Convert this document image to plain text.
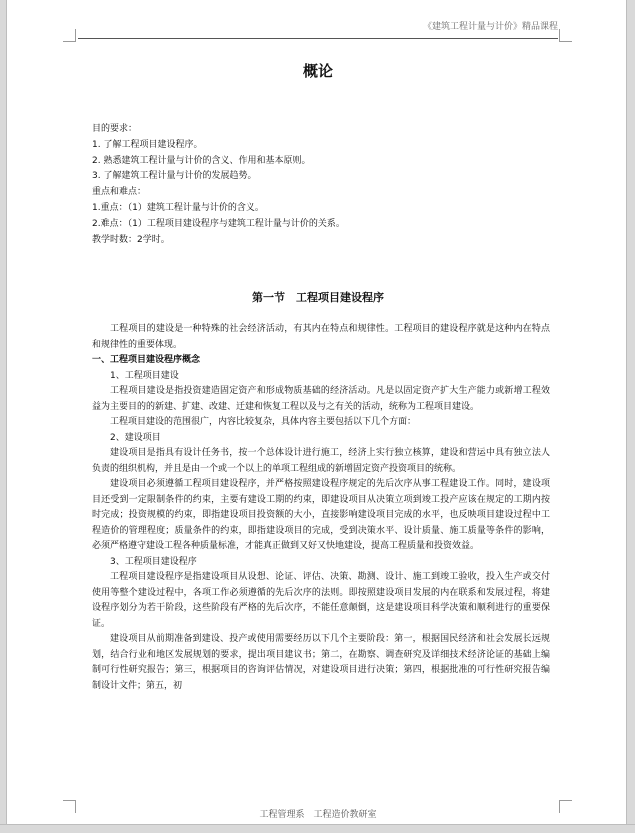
《建筑工程计量与计价》精品课程
概论

目的要求：

1. 了解工程项目建设程序。

2. 熟悉建筑工程计量与计价的含义、作用和基本原则。

3. 了解建筑工程计量与计价的发展趋势。

重点和难点：

1.重点：（1）建筑工程计量与计价的含义。

2.难点：（1）工程项目建设程序与建筑工程计量与计价的关系。

教学时数：2学时。

第一节　工程项目建设程序

工程项目的建设是一种特殊的社会经济活动，有其内在特点和规律性。工程项目的建设程序就是这种内在特点和规律性的重要体现。

一、工程项目建设程序概念

1、工程项目建设

工程项目建设是指投资建造固定资产和形成物质基础的经济活动。凡是以固定资产扩大生产能力或新增工程效益为主要目的的新建、扩建、改建、迁建和恢复工程以及与之有关的活动，统称为工程项目建设。

工程项目建设的范围很广，内容比较复杂，具体内容主要包括以下几个方面：

2、建设项目

建设项目是指具有设计任务书，按一个总体设计进行施工，经济上实行独立核算，建设和营运中具有独立法人负责的组织机构，并且是由一个或一个以上的单项工程组成的新增固定资产投资项目的统称。

建设项目必须遵循工程项目建设程序，并严格按照建设程序规定的先后次序从事工程建设工作。同时，建设项目还受到一定限制条件的约束，主要有建设工期的约束，即建设项目从决策立项到竣工投产应该在规定的工期内按时完成；投资规模的约束，即指建设项目投资额的大小，直接影响建设项目完成的水平，也反映项目建设过程中工程造价的管理程度；质量条件的约束，即指建设项目的完成，受到决策水平、设计质量、施工质量等条件的影响，必须严格遵守建设工程各种质量标准，才能真正做到又好又快地建设，提高工程质量和投资效益。

3、工程项目建设程序

工程项目建设程序是指建设项目从设想、论证、评估、决策、勘测、设计、施工到竣工验收，投入生产或交付使用等整个建设过程中，各项工作必须遵循的先后次序的法则。即按照建设项目发展的内在联系和发展过程，将建设程序划分为若干阶段，这些阶段有严格的先后次序，不能任意颠倒，这是建设项目科学决策和顺利进行的重要保证。

建设项目从前期准备到建设、投产或使用需要经历以下几个主要阶段：第一，根据国民经济和社会发展长远规划，结合行业和地区发展规划的要求，提出项目建议书；第二，在勘察、调查研究及详细技术经济论证的基础上编制可行性研究报告；第三，根据项目的咨询评估情况，对建设项目进行决策；第四，根据批准的可行性研究报告编制设计文件；第五，初

工程管理系　工程造价教研室
